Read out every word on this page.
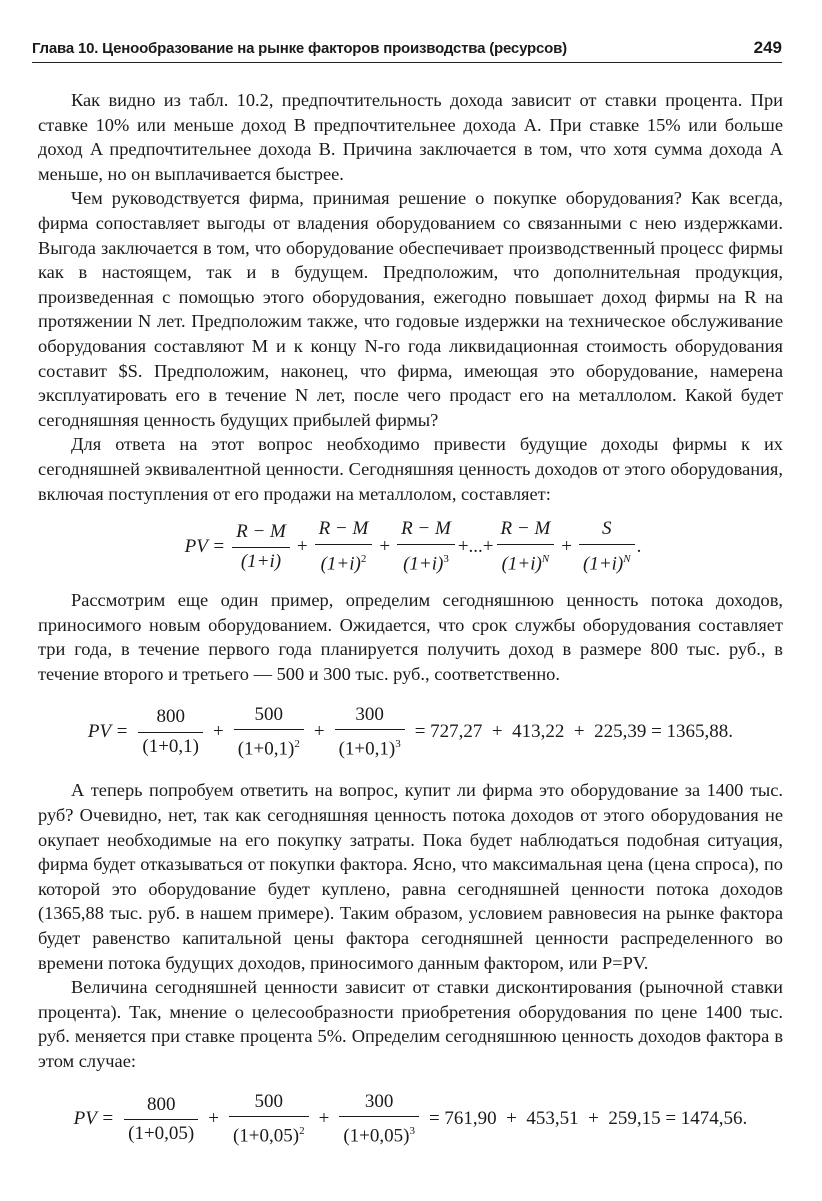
Глава 10. Ценообразование на рынке факторов производства (ресурсов)	249

Как видно из табл. 10.2, предпочтительность дохода зависит от ставки процента. При ставке 10% или меньше доход B предпочтительнее дохода A. При ставке 15% или больше доход A предпочтительнее дохода B. Причина заключается в том, что хотя сумма дохода A меньше, но он выплачивается быстрее.

Чем руководствуется фирма, принимая решение о покупке оборудования? Как всегда, фирма сопоставляет выгоды от владения оборудованием со связанными с нею издержками. Выгода заключается в том, что оборудование обеспечивает производственный процесс фирмы как в настоящем, так и в будущем. Предположим, что дополнительная продукция, произведенная с помощью этого оборудования, ежегодно повышает доход фирмы на R на протяжении N лет. Предположим также, что годовые издержки на техническое обслуживание оборудования составляют M и к концу N-го года ликвидационная стоимость оборудования составит $S. Предположим, наконец, что фирма, имеющая это оборудование, намерена эксплуатировать его в течение N лет, после чего продаст его на металлолом. Какой будет сегодняшняя ценность будущих прибылей фирмы?

Для ответа на этот вопрос необходимо привести будущие доходы фирмы к их сегодняшней эквивалентной ценности. Сегодняшняя ценность доходов от этого оборудования, включая поступления от его продажи на металлолом, составляет:

PV = $\frac{R - M}{(1+i)} + \frac{R - M}{(1+i)^2} + \frac{R - M}{(1+i)^3}$ +...+ $\frac{R - M}{(1+i)^N} + \frac{S}{(1+i)^N}$ .

Рассмотрим еще один пример, определим сегодняшнюю ценность потока доходов, приносимого новым оборудованием. Ожидается, что срок службы оборудования составляет три года, в течение первого года планируется получить доход в размере 800 тыс. руб., в течение второго и третьего — 500 и 300 тыс. руб., соответственно.

PV = $\frac{800}{(1+0,1)} + \frac{500}{(1+0,1)^2} + \frac{300}{(1+0,1)^3} = 727,27 + 413,22 + 225,39 = 1365,88$.

А теперь попробуем ответить на вопрос, купит ли фирма это оборудование за 1400 тыс. руб? Очевидно, нет, так как сегодняшняя ценность потока доходов от этого оборудования не окупает необходимые на его покупку затраты. Пока будет наблюдаться подобная ситуация, фирма будет отказываться от покупки фактора. Ясно, что максимальная цена (цена спроса), по которой это оборудование будет куплено, равна сегодняшней ценности потока доходов (1365,88 тыс. руб. в нашем примере). Таким образом, условием равновесия на рынке фактора будет равенство капитальной цены фактора сегодняшней ценности распределенного во времени потока будущих доходов, приносимого данным фактором, или P=PV.

Величина сегодняшней ценности зависит от ставки дисконтирования (рыночной ставки процента). Так, мнение о целесообразности приобретения оборудования по цене 1400 тыс. руб. меняется при ставке процента 5%. Определим сегодняшнюю ценность доходов фактора в этом случае:

PV = $\frac{800}{(1+0,05)} + \frac{500}{(1+0,05)^2} + \frac{300}{(1+0,05)^3} = 761,90 + 453,51 + 259,15 = 1474,56$.
